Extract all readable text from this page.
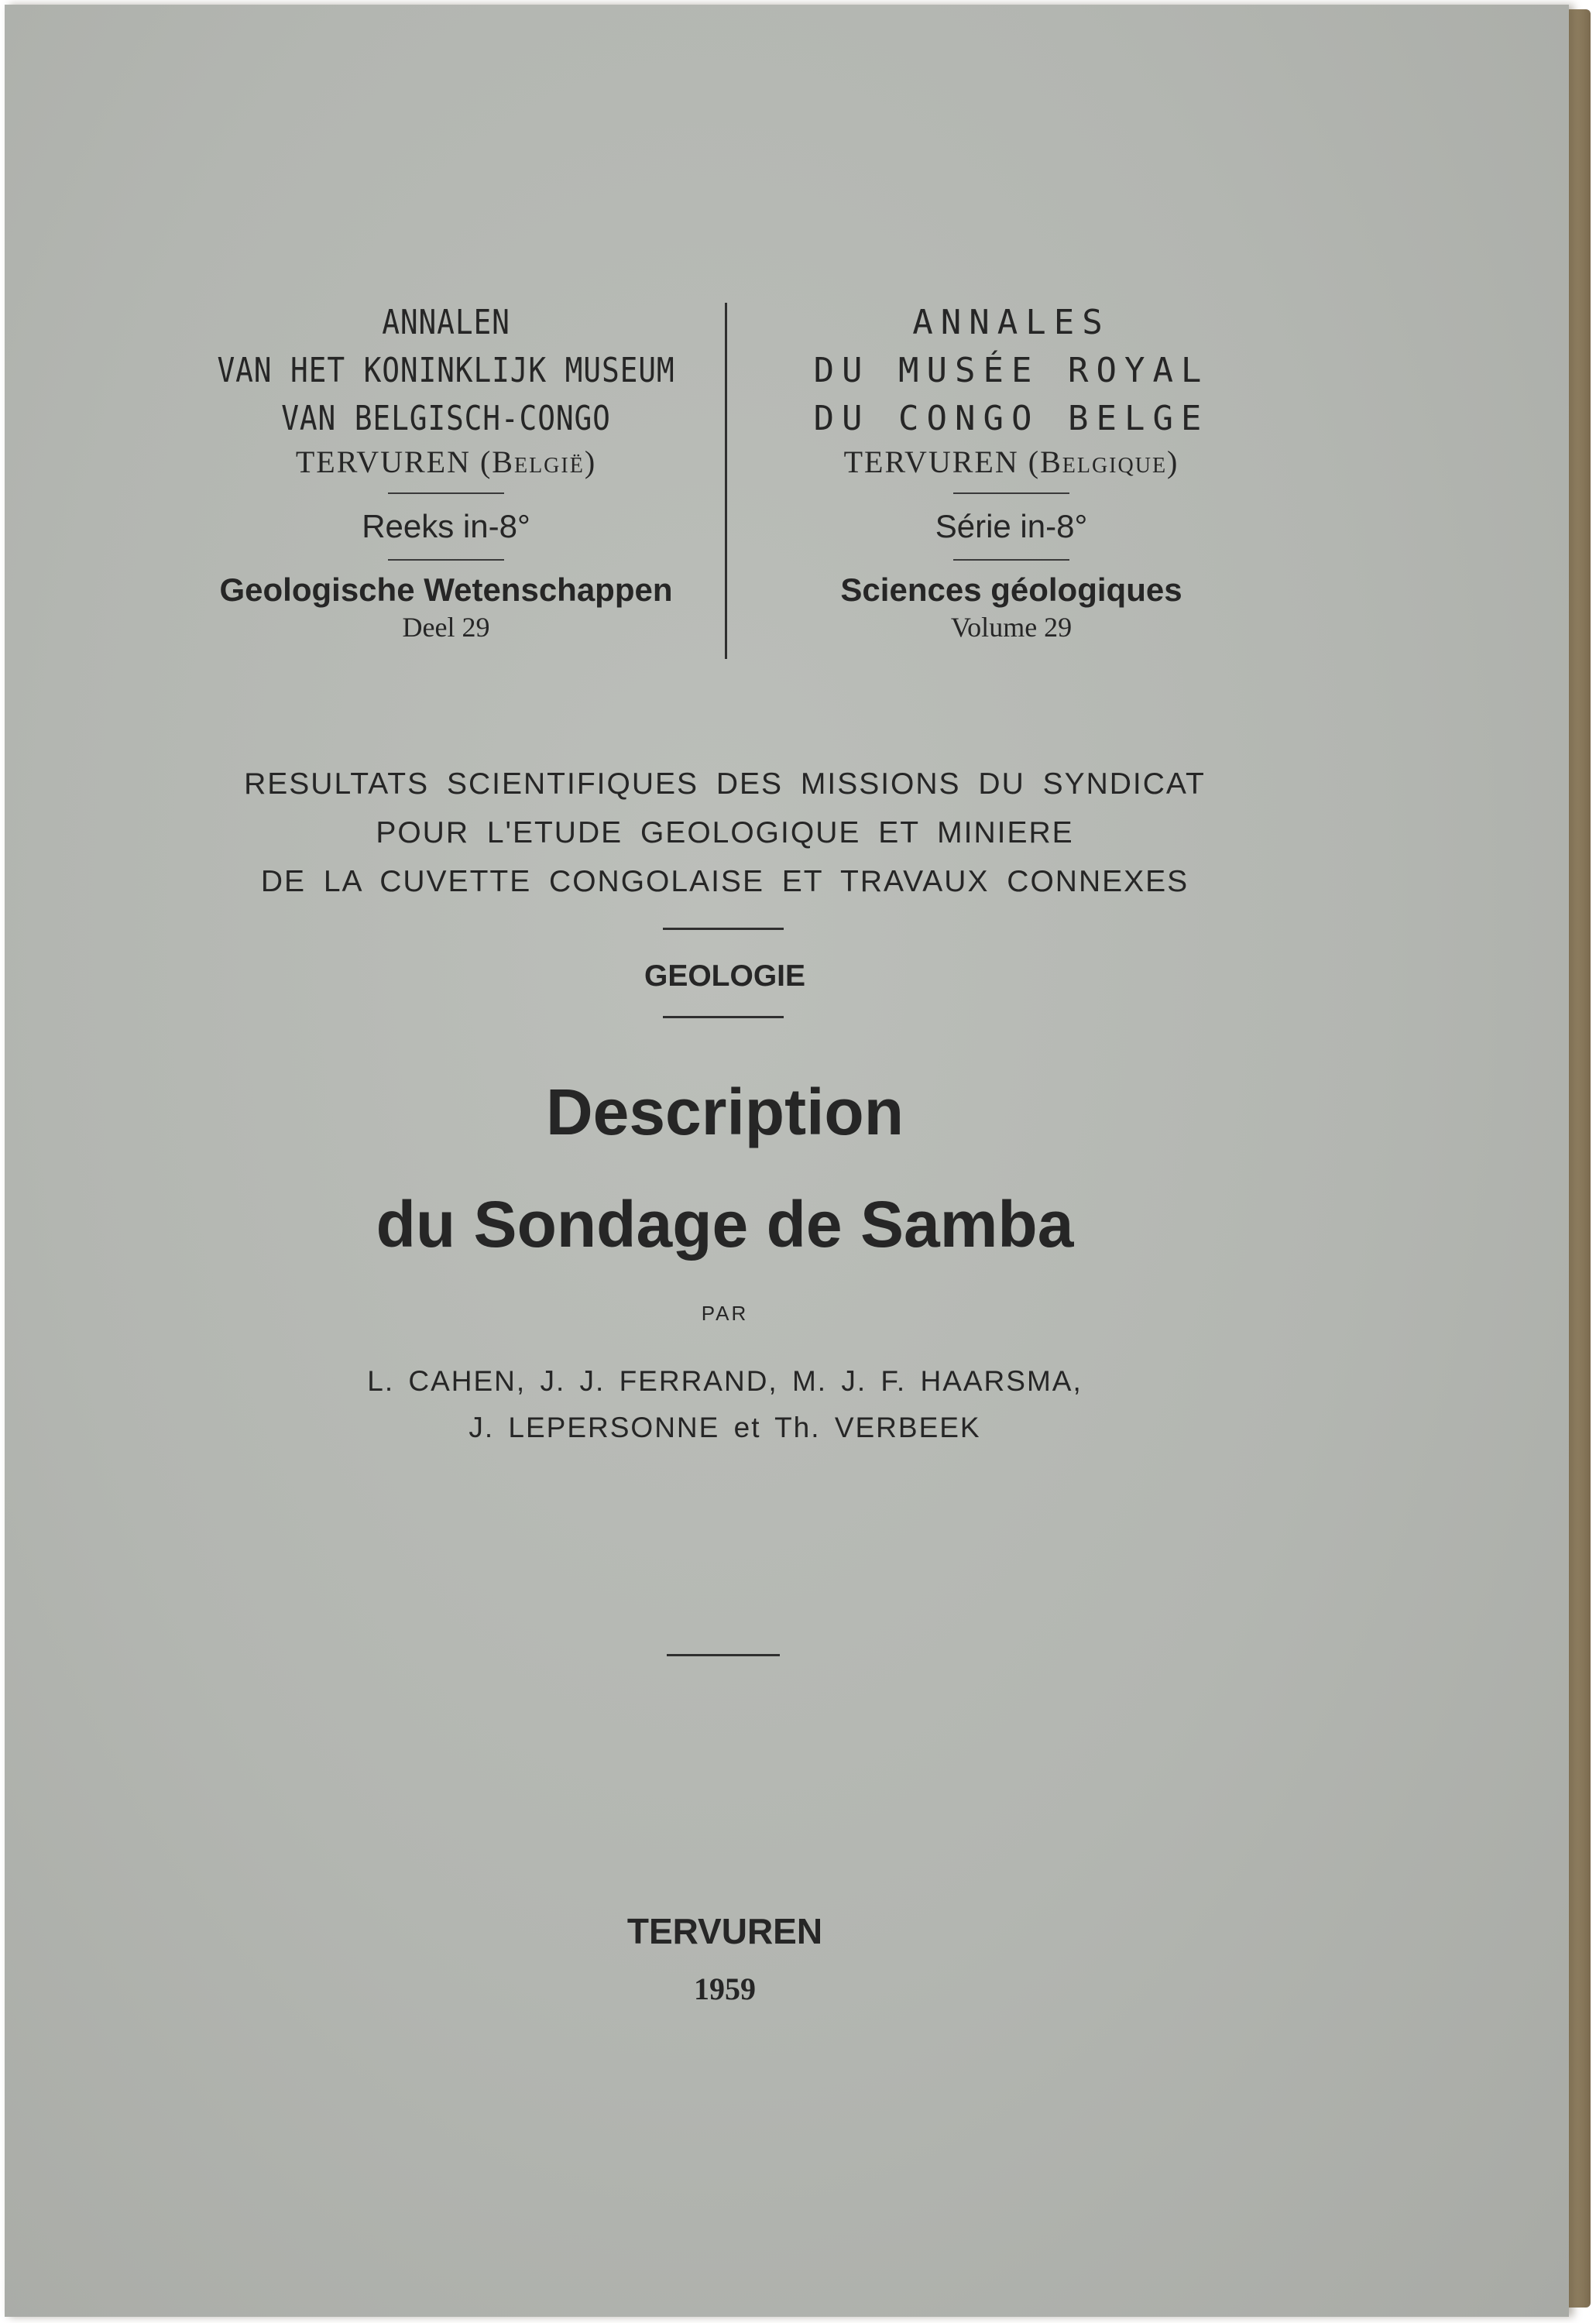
ANNALEN
VAN HET KONINKLIJK MUSEUM
VAN BELGISCH-CONGO
TERVUREN (Belgiё)
Reeks in-8°
Geologische Wetenschappen
Deel 29
ANNALES
DU MUSÉE ROYAL
DU CONGO BELGE
TERVUREN (Belgique)
Série in-8°
Sciences géologiques
Volume 29
RESULTATS SCIENTIFIQUES DES MISSIONS DU SYNDICAT
POUR L'ETUDE GEOLOGIQUE ET MINIERE
DE LA CUVETTE CONGOLAISE ET TRAVAUX CONNEXES
GEOLOGIE
Description
du Sondage de Samba
PAR
L. CAHEN, J. J. FERRAND, M. J. F. HAARSMA,
J. LEPERSONNE et Th. VERBEEK
TERVUREN
1959
